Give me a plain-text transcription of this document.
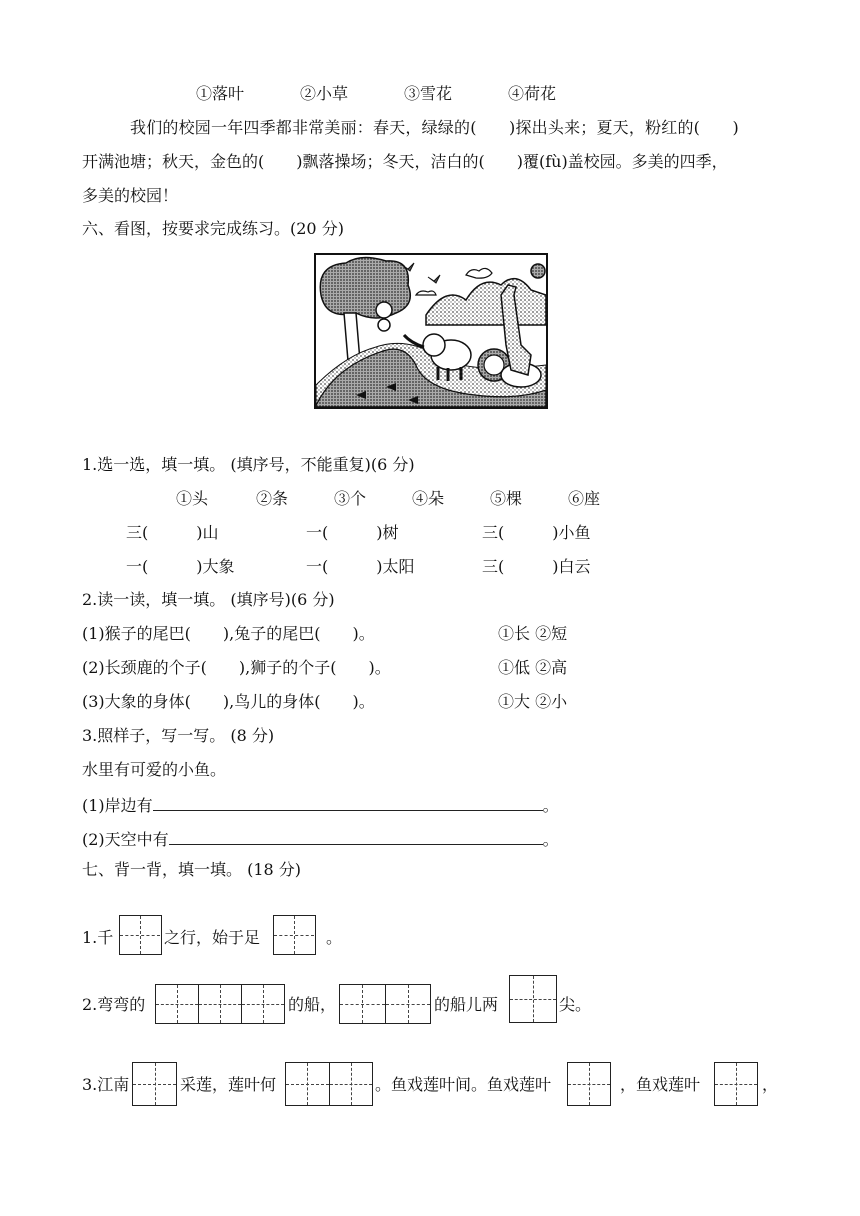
①落叶	②小草	③雪花	④荷花
我们的校园一年四季都非常美丽：春天，绿绿的(　　)探出头来；夏天，粉红的(　　)
开满池塘；秋天，金色的(　　)飘落操场；冬天，洁白的(　　)覆(fù)盖校园。多美的四季，
多美的校园！
六、看图，按要求完成练习。(20 分)
1.选一选，填一填。 (填序号，不能重复)(6 分)
①头	②条	③个	④朵	⑤棵	⑥座
三(　　　)山	一(　　　)树	三(　　　)小鱼
一(　　　)大象	一(　　　)太阳	三(　　　)白云
2.读一读，填一填。 (填序号)(6 分)
(1)猴子的尾巴(　　),兔子的尾巴(　　)。	①长 ②短
(2)长颈鹿的个子(　　),狮子的个子(　　)。	①低 ②高
(3)大象的身体(　　),鸟儿的身体(　　)。	①大 ②小
3.照样子，写一写。 (8 分)
水里有可爱的小鱼。
(1)岸边有	。
(2)天空中有	。
七、背一背，填一填。 (18 分)
1.千	之行，始于足	。
2.弯弯的	的船，	的船儿两	尖。
3.江南	采莲，莲叶何	。鱼戏莲叶间。鱼戏莲叶	，鱼戏莲叶	，
